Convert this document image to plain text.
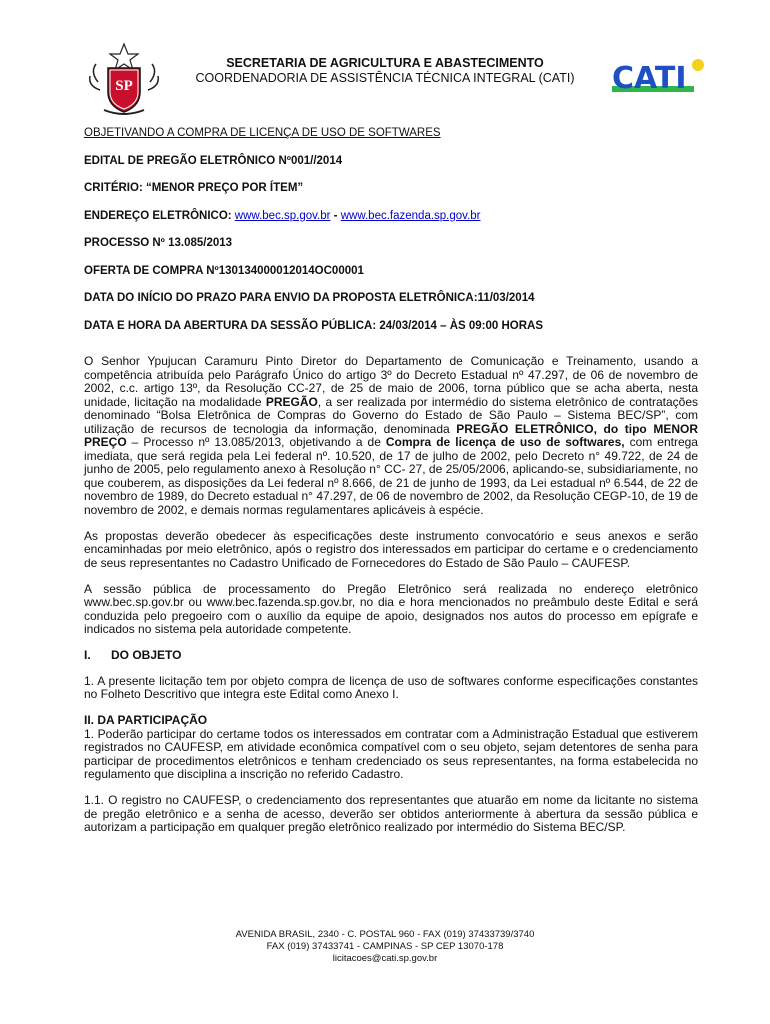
SP
SECRETARIA DE AGRICULTURA E ABASTECIMENTO
COORDENADORIA DE ASSISTÊNCIA TÉCNICA INTEGRAL (CATI)	CATI
OBJETIVANDO A COMPRA DE LICENÇA DE USO DE SOFTWARES
EDITAL DE PREGÃO ELETRÔNICO Nº001//2014
CRITÉRIO: “MENOR PREÇO POR ÍTEM”
ENDEREÇO ELETRÔNICO: www.bec.sp.gov.br - www.bec.fazenda.sp.gov.br
PROCESSO Nº 13.085/2013
OFERTA DE COMPRA Nº130134000012014OC00001
DATA DO INÍCIO DO PRAZO PARA ENVIO DA PROPOSTA ELETRÔNICA:11/03/2014
DATA E HORA DA ABERTURA DA SESSÃO PÚBLICA: 24/03/2014 – ÀS 09:00 HORAS

O Senhor Ypujucan Caramuru Pinto Diretor do Departamento de Comunicação e Treinamento, usando a competência atribuída pelo Parágrafo Único do artigo 3º do Decreto Estadual nº 47.297, de 06 de novembro de 2002, c.c. artigo 13º, da Resolução CC-27, de 25 de maio de 2006, torna público que se acha aberta, nesta unidade, licitação na modalidade PREGÃO, a ser realizada por intermédio do sistema eletrônico de contratações denominado “Bolsa Eletrônica de Compras do Governo do Estado de São Paulo – Sistema BEC/SP”, com utilização de recursos de tecnologia da informação, denominada PREGÃO ELETRÔNICO, do tipo MENOR PREÇO – Processo nº 13.085/2013, objetivando a de Compra de licença de uso de softwares, com entrega imediata, que será regida pela Lei federal nº. 10.520, de 17 de julho de 2002, pelo Decreto n° 49.722, de 24 de junho de 2005, pelo regulamento anexo à Resolução n° CC- 27, de 25/05/2006, aplicando-se, subsidiariamente, no que couberem, as disposições da Lei federal nº 8.666, de 21 de junho de 1993, da Lei estadual nº 6.544, de 22 de novembro de 1989, do Decreto estadual n° 47.297, de 06 de novembro de 2002, da Resolução CEGP-10, de 19 de novembro de 2002, e demais normas regulamentares aplicáveis à espécie.

As propostas deverão obedecer às especificações deste instrumento convocatório e seus anexos e serão encaminhadas por meio eletrônico, após o registro dos interessados em participar do certame e o credenciamento de seus representantes no Cadastro Unificado de Fornecedores do Estado de São Paulo – CAUFESP.

A sessão pública de processamento do Pregão Eletrônico será realizada no endereço eletrônico www.bec.sp.gov.br ou www.bec.fazenda.sp.gov.br, no dia e hora mencionados no preâmbulo deste Edital e será conduzida pelo pregoeiro com o auxílio da equipe de apoio, designados nos autos do processo em epígrafe e indicados no sistema pela autoridade competente.

I. DO OBJETO

1. A presente licitação tem por objeto compra de licença de uso de softwares conforme especificações constantes no Folheto Descritivo que integra este Edital como Anexo I.

II. DA PARTICIPAÇÃO

1. Poderão participar do certame todos os interessados em contratar com a Administração Estadual que estiverem registrados no CAUFESP, em atividade econômica compatível com o seu objeto, sejam detentores de senha para participar de procedimentos eletrônicos e tenham credenciado os seus representantes, na forma estabelecida no regulamento que disciplina a inscrição no referido Cadastro.

1.1. O registro no CAUFESP, o credenciamento dos representantes que atuarão em nome da licitante no sistema de pregão eletrônico e a senha de acesso, deverão ser obtidos anteriormente à abertura da sessão pública e autorizam a participação em qualquer pregão eletrônico realizado por intermédio do Sistema BEC/SP.

AVENIDA BRASIL, 2340 - C. POSTAL 960 - FAX (019) 37433739/3740
FAX (019) 37433741 - CAMPINAS - SP CEP 13070-178
licitacoes@cati.sp.gov.br
